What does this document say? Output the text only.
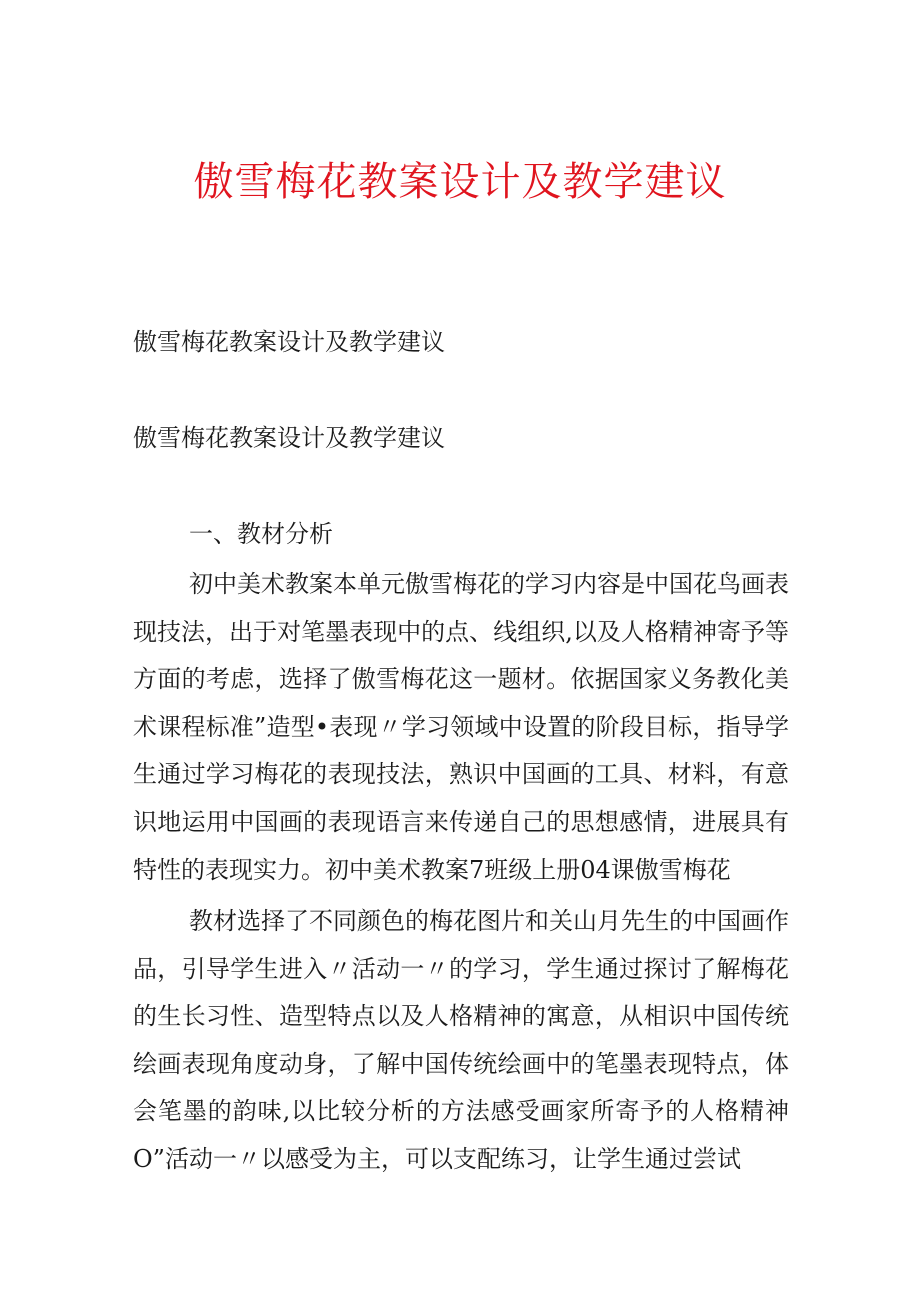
傲雪梅花教案设计及教学建议

傲雪梅花教案设计及教学建议

傲雪梅花教案设计及教学建议

一、教材分析

初中美术教案本单元傲雪梅花的学习内容是中国花鸟画表现技法，出于对笔墨表现中的点、线组织,以及人格精神寄予等方面的考虑，选择了傲雪梅花这一题材。依据国家义务教化美术课程标准”造型•表现〃学习领域中设置的阶段目标，指导学生通过学习梅花的表现技法，熟识中国画的工具、材料，有意识地运用中国画的表现语言来传递自己的思想感情，进展具有特性的表现实力。初中美术教案7班级上册04课傲雪梅花

教材选择了不同颜色的梅花图片和关山月先生的中国画作品，引导学生进入〃活动一〃的学习，学生通过探讨了解梅花的生长习性、造型特点以及人格精神的寓意，从相识中国传统绘画表现角度动身，了解中国传统绘画中的笔墨表现特点，体会笔墨的韵味,以比较分析的方法感受画家所寄予的人格精神O”活动一〃以感受为主，可以支配练习，让学生通过尝试
